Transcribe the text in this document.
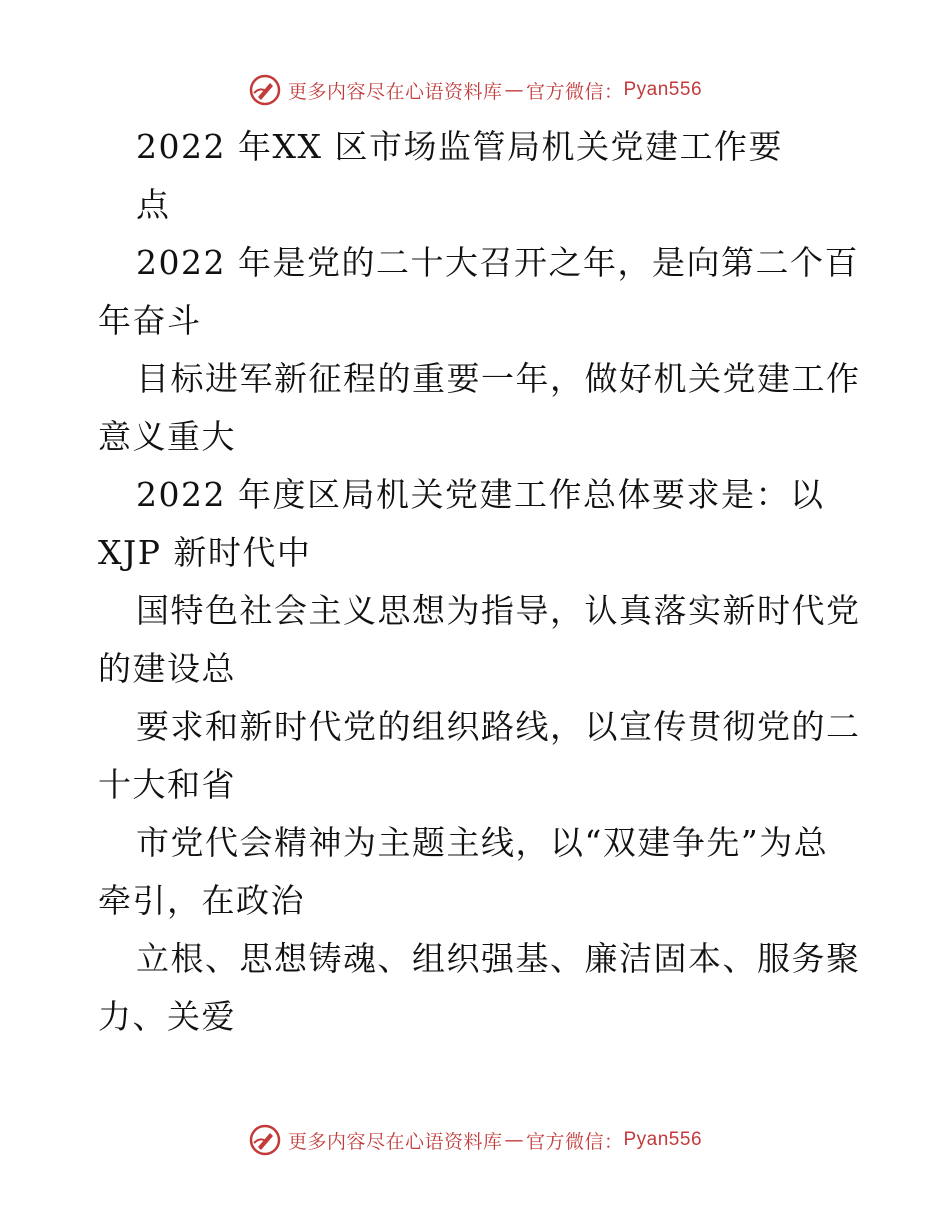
更多内容尽在心语资料库 — 官方微信： Pyan556
2022 年XX 区市场监管局机关党建工作要
点
2022 年是党的二十大召开之年，是向第二个百
年奋斗
目标进军新征程的重要一年，做好机关党建工作
意义重大
2022 年度区局机关党建工作总体要求是：以
XJP 新时代中
国特色社会主义思想为指导，认真落实新时代党
的建设总
要求和新时代党的组织路线，以宣传贯彻党的二
十大和省
市党代会精神为主题主线，以“双建争先”为总
牵引，在政治
立根、思想铸魂、组织强基、廉洁固本、服务聚
力、关爱
更多内容尽在心语资料库 — 官方微信： Pyan556
